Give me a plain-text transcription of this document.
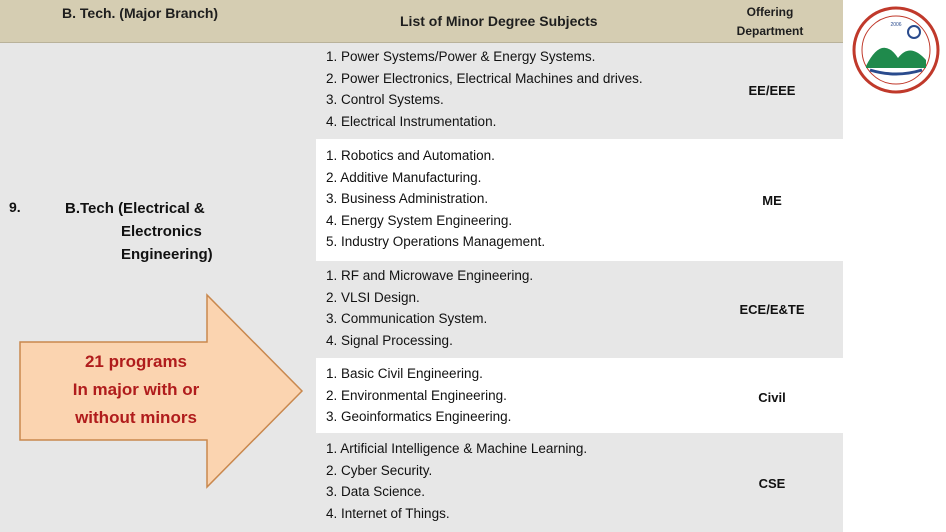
B. Tech. (Major Branch)	List of Minor Degree Subjects
Offering
Department
1. Power Systems/Power & Energy Systems.
2. Power Electronics, Electrical Machines and drives.
3. Control Systems.
4. Electrical Instrumentation.
EE/EEE
1. Robotics and Automation.
2. Additive Manufacturing.
3. Business Administration.
4. Energy System Engineering.
5. Industry Operations Management.
ME
1. RF and Microwave Engineering.
2. VLSI Design.
3. Communication System.
4. Signal Processing.
ECE/E&TE
1. Basic Civil Engineering.
2. Environmental Engineering.
3. Geoinformatics Engineering.
Civil
1. Artificial Intelligence & Machine Learning.
2. Cyber Security.
3. Data Science.
4. Internet of Things.
CSE
9.	B.Tech (Electrical &
Electronics
Engineering)
21 programs
In major with or
without minors
2006
